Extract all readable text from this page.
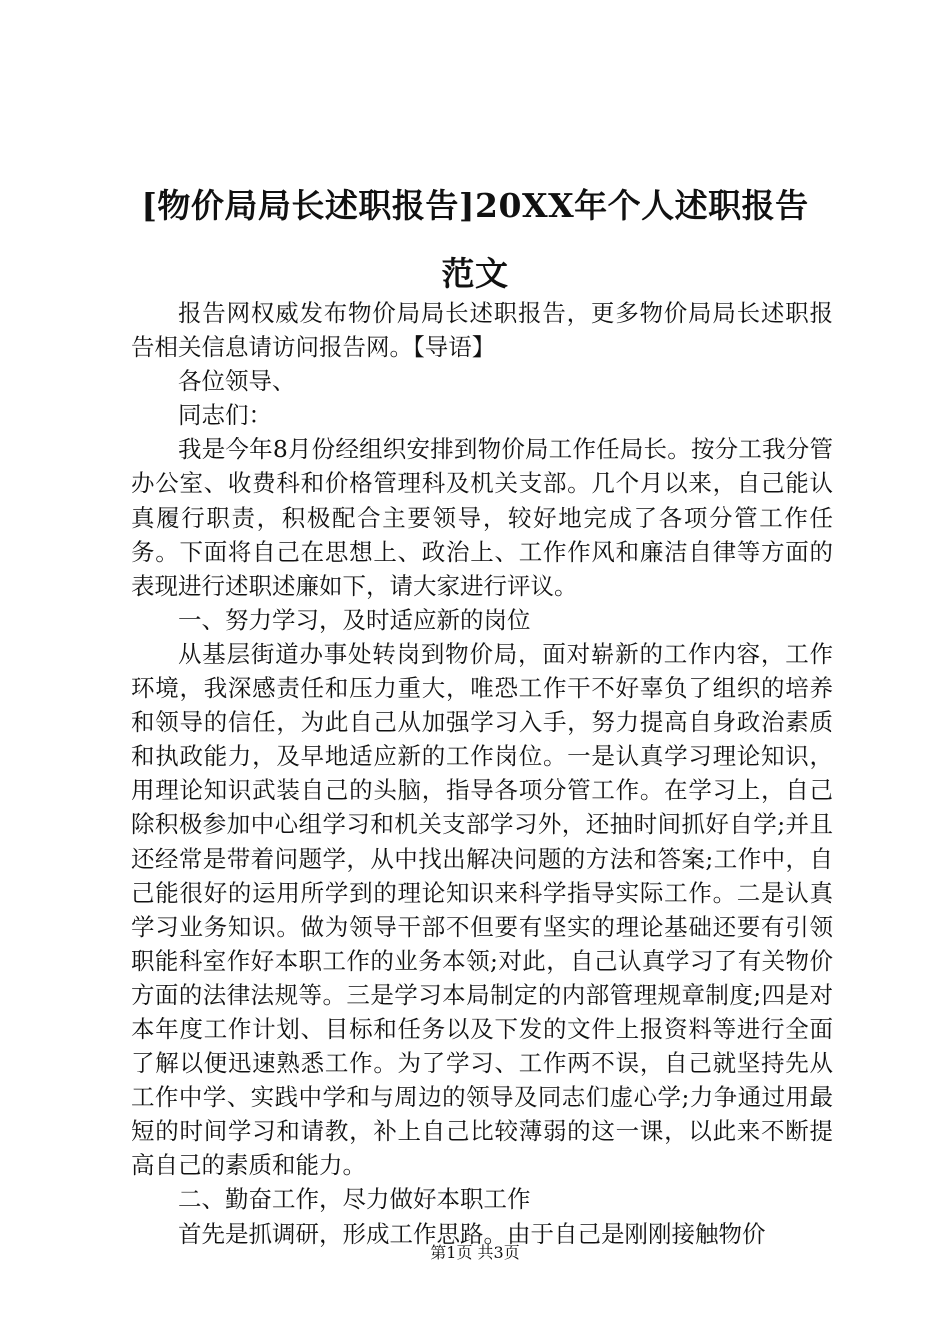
[物价局局长述职报告]20XX年个人述职报告
范文

报告网权威发布物价局局长述职报告，更多物价局局长述职报告相关信息请访问报告网。【导语】

各位领导、

同志们：

我是今年8月份经组织安排到物价局工作任局长。按分工我分管办公室、收费科和价格管理科及机关支部。几个月以来，自己能认真履行职责，积极配合主要领导，较好地完成了各项分管工作任务。下面将自己在思想上、政治上、工作作风和廉洁自律等方面的表现进行述职述廉如下，请大家进行评议。

一、努力学习，及时适应新的岗位

从基层街道办事处转岗到物价局，面对崭新的工作内容，工作环境，我深感责任和压力重大，唯恐工作干不好辜负了组织的培养和领导的信任，为此自己从加强学习入手，努力提高自身政治素质和执政能力，及早地适应新的工作岗位。一是认真学习理论知识，用理论知识武装自己的头脑，指导各项分管工作。在学习上，自己除积极参加中心组学习和机关支部学习外，还抽时间抓好自学;并且还经常是带着问题学，从中找出解决问题的方法和答案;工作中，自己能很好的运用所学到的理论知识来科学指导实际工作。二是认真学习业务知识。做为领导干部不但要有坚实的理论基础还要有引领职能科室作好本职工作的业务本领;对此，自己认真学习了有关物价方面的法律法规等。三是学习本局制定的内部管理规章制度;四是对本年度工作计划、目标和任务以及下发的文件上报资料等进行全面了解以便迅速熟悉工作。为了学习、工作两不误，自己就坚持先从工作中学、实践中学和与周边的领导及同志们虚心学;力争通过用最短的时间学习和请教，补上自己比较薄弱的这一课，以此来不断提高自己的素质和能力。

二、勤奋工作，尽力做好本职工作

首先是抓调研，形成工作思路。由于自己是刚刚接触物价

第1页 共3页
